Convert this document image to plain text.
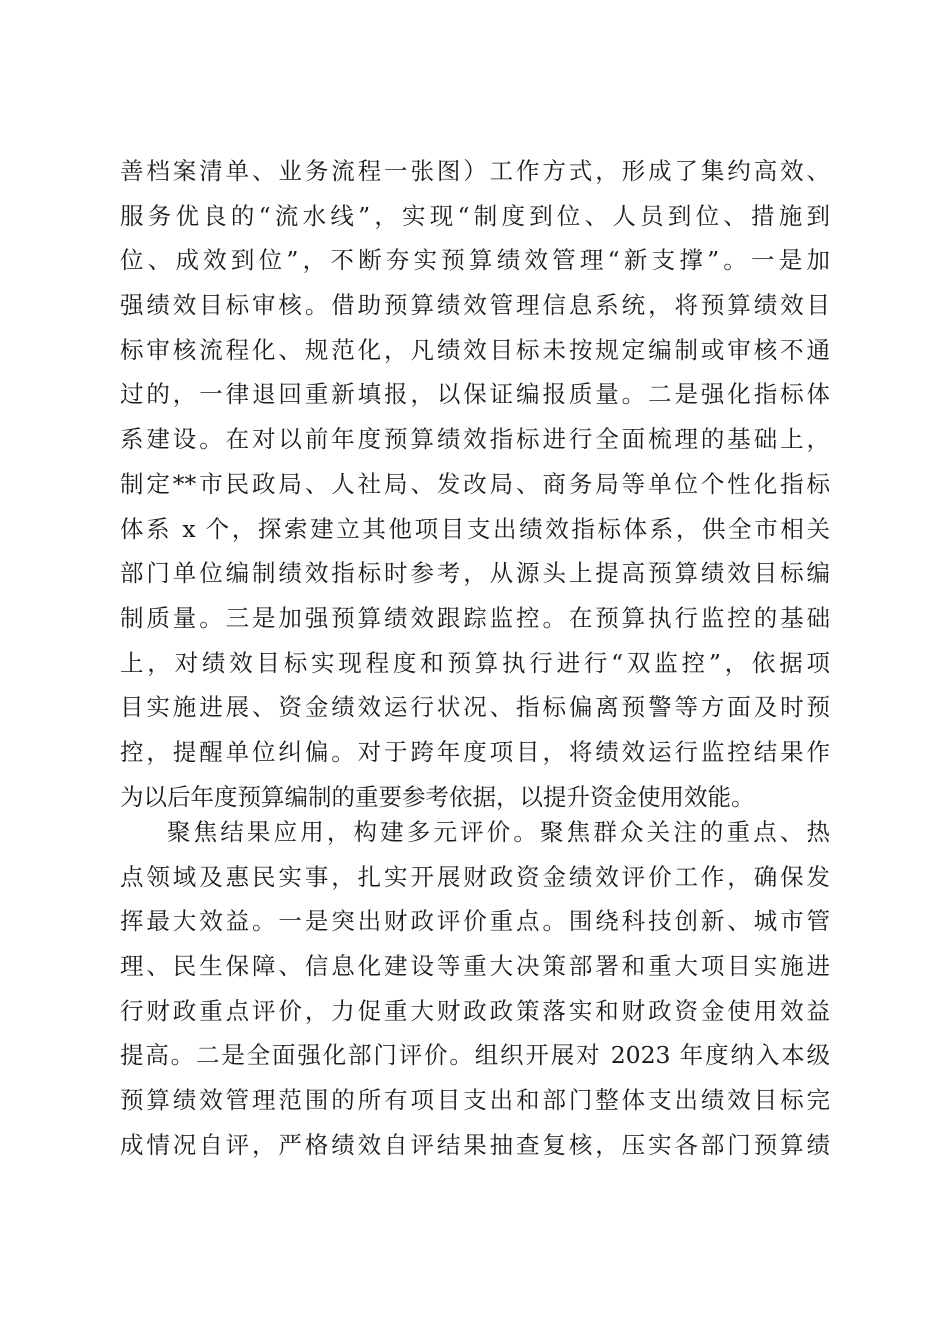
善档案清单、业务流程一张图）工作方式，形成了集约高效、
服务优良的“流水线”，实现“制度到位、人员到位、措施到
位、成效到位”，不断夯实预算绩效管理“新支撑”。一是加
强绩效目标审核。借助预算绩效管理信息系统，将预算绩效目
标审核流程化、规范化，凡绩效目标未按规定编制或审核不通
过的，一律退回重新填报，以保证编报质量。二是强化指标体
系建设。在对以前年度预算绩效指标进行全面梳理的基础上，
制定**市民政局、人社局、发改局、商务局等单位个性化指标
体系 x 个，探索建立其他项目支出绩效指标体系，供全市相关
部门单位编制绩效指标时参考，从源头上提高预算绩效目标编
制质量。三是加强预算绩效跟踪监控。在预算执行监控的基础
上，对绩效目标实现程度和预算执行进行“双监控”，依据项
目实施进展、资金绩效运行状况、指标偏离预警等方面及时预
控，提醒单位纠偏。对于跨年度项目，将绩效运行监控结果作
为以后年度预算编制的重要参考依据，以提升资金使用效能。
聚焦结果应用，构建多元评价。聚焦群众关注的重点、热
点领域及惠民实事，扎实开展财政资金绩效评价工作，确保发
挥最大效益。一是突出财政评价重点。围绕科技创新、城市管
理、民生保障、信息化建设等重大决策部署和重大项目实施进
行财政重点评价，力促重大财政政策落实和财政资金使用效益
提高。二是全面强化部门评价。组织开展对 2023 年度纳入本级
预算绩效管理范围的所有项目支出和部门整体支出绩效目标完
成情况自评，严格绩效自评结果抽查复核，压实各部门预算绩
